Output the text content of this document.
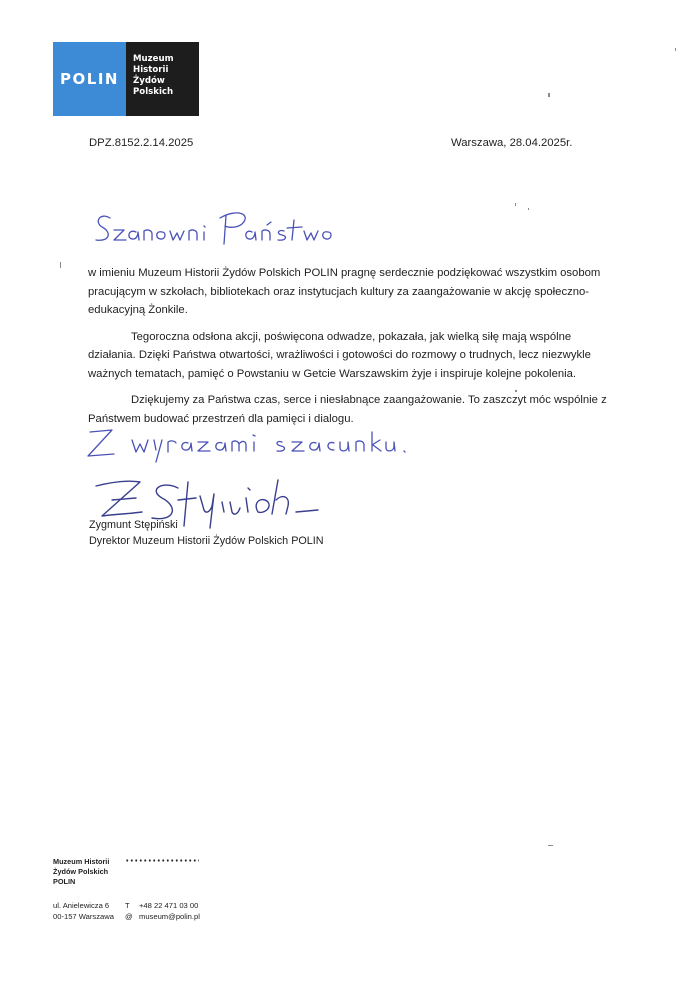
POLIN
Muzeum
Historii
Żydów
Polskich
DPZ.8152.2.14.2025	Warszawa, 28.04.2025r.

w imieniu Muzeum Historii Żydów Polskich POLIN pragnę serdecznie podziękować wszystkim osobom pracującym w szkołach, bibliotekach oraz instytucjach kultury za zaangażowanie w akcję społeczno-edukacyjną Żonkile.

Tegoroczna odsłona akcji, poświęcona odwadze, pokazała, jak wielką siłę mają wspólne działania. Dzięki Państwa otwartości, wrażliwości i gotowości do rozmowy o trudnych, lecz niezwykle ważnych tematach, pamięć o Powstaniu w Getcie Warszawskim żyje i inspiruje kolejne pokolenia.

Dziękujemy za Państwa czas, serce i niesłabnące zaangażowanie. To zaszczyt móc wspólnie z Państwem budować przestrzeń dla pamięci i dialogu.

Zygmunt Stępiński
Dyrektor Muzeum Historii Żydów Polskich POLIN
Muzeum Historii
Żydów Polskich
POLIN
ul. Anielewicza 6
00-157 Warszawa
T +48 22 471 03 00
@ museum@polin.pl
